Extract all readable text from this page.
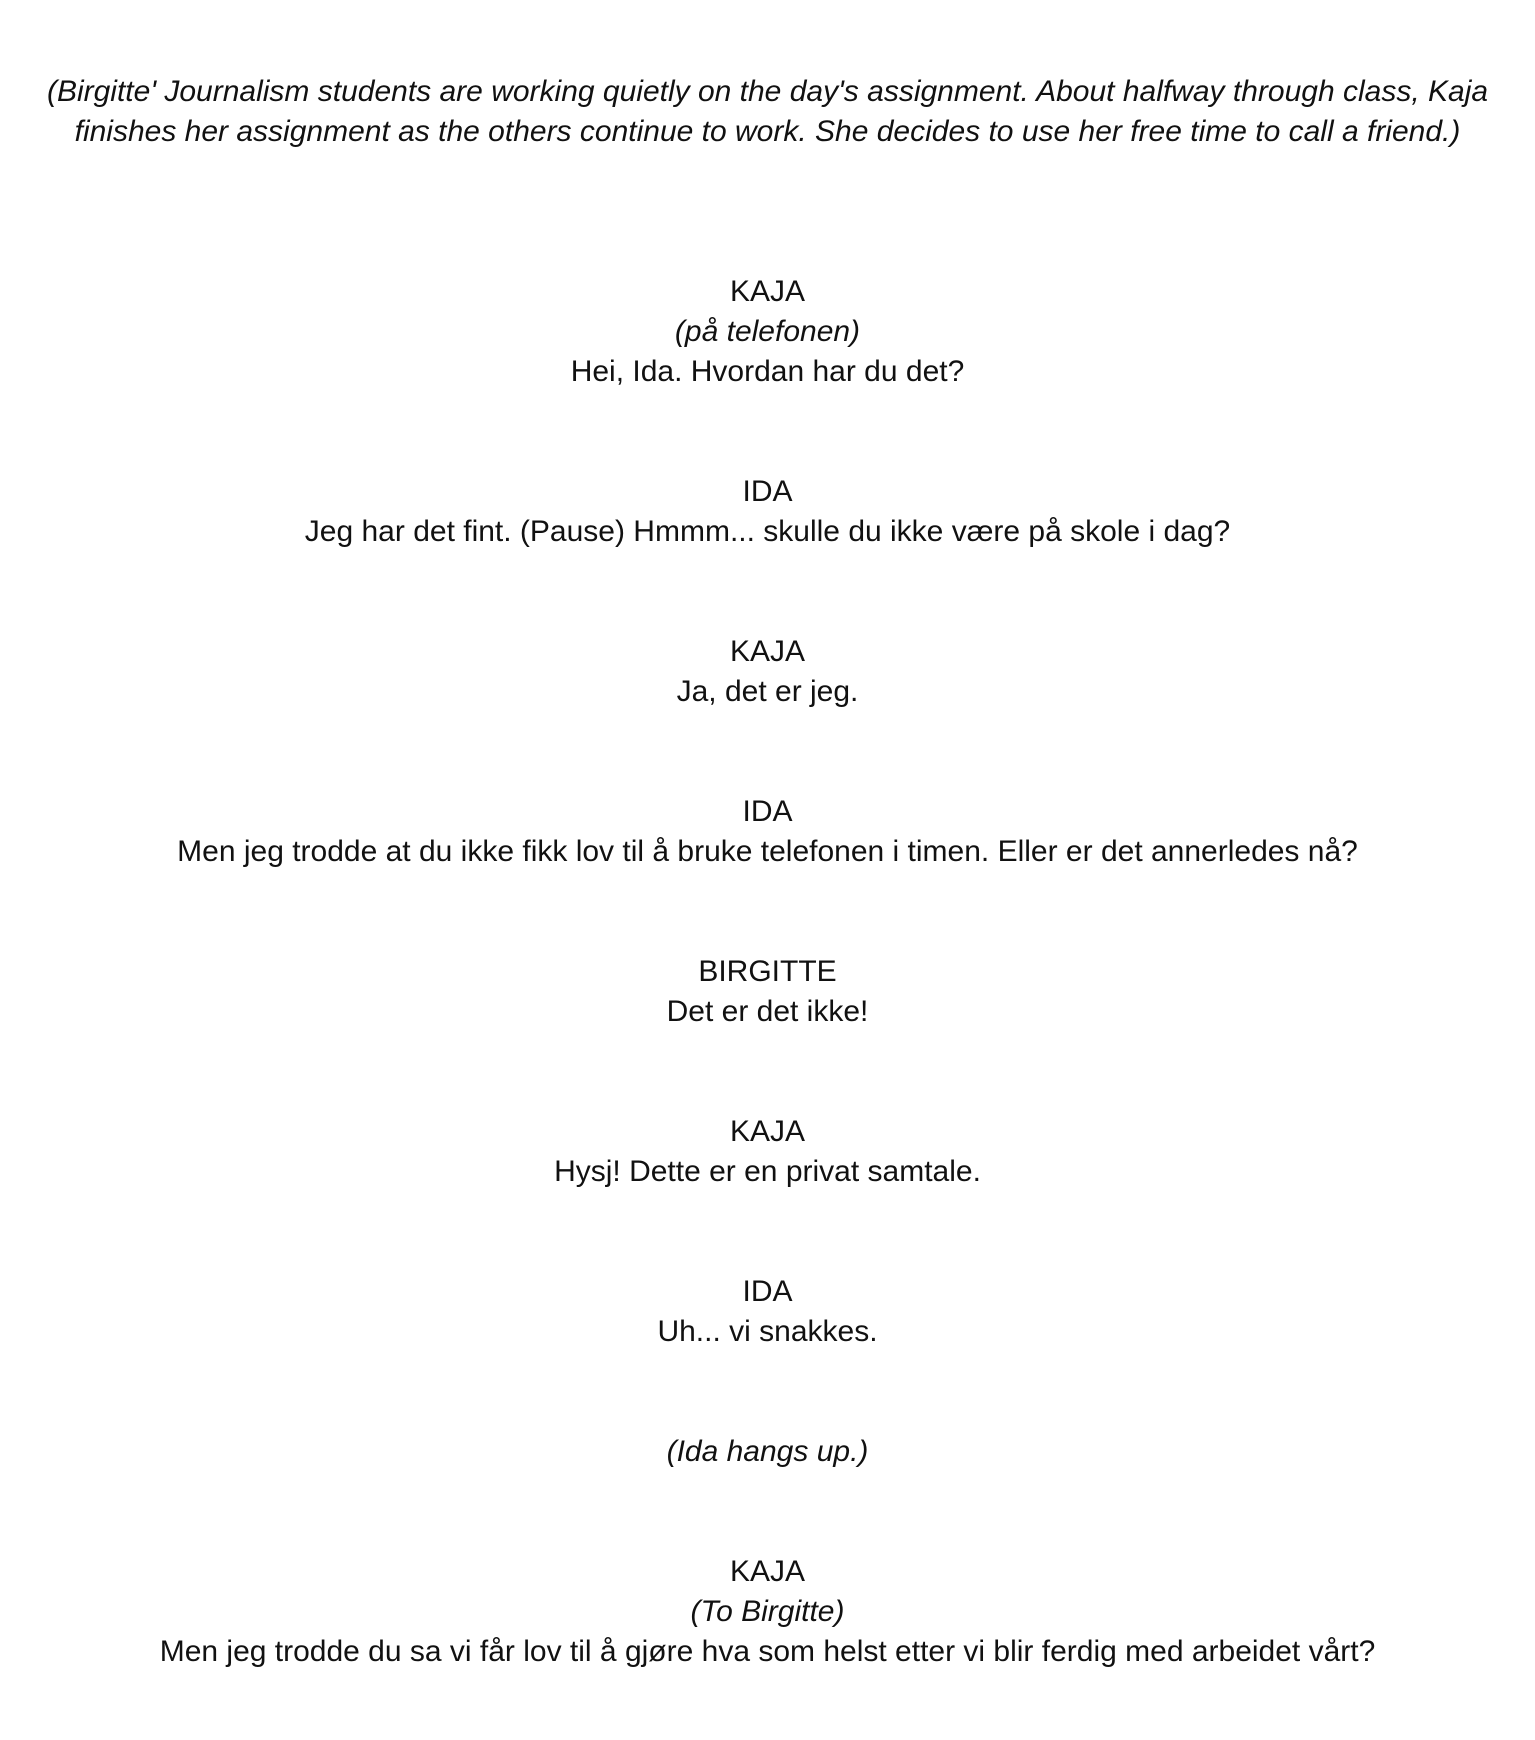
(Birgitte' Journalism students are working quietly on the day's assignment. About halfway through class, Kaja finishes her assignment as the others continue to work. She decides to use her free time to call a friend.)
KAJA
(på telefonen)
Hei, Ida. Hvordan har du det?
IDA
Jeg har det fint. (Pause) Hmmm... skulle du ikke være på skole i dag?
KAJA
Ja, det er jeg.
IDA
Men jeg trodde at du ikke fikk lov til å bruke telefonen i timen. Eller er det annerledes nå?
BIRGITTE
Det er det ikke!
KAJA
Hysj! Dette er en privat samtale.
IDA
Uh... vi snakkes.
(Ida hangs up.)
KAJA
(To Birgitte)
Men jeg trodde du sa vi får lov til å gjøre hva som helst etter vi blir ferdig med arbeidet vårt?
